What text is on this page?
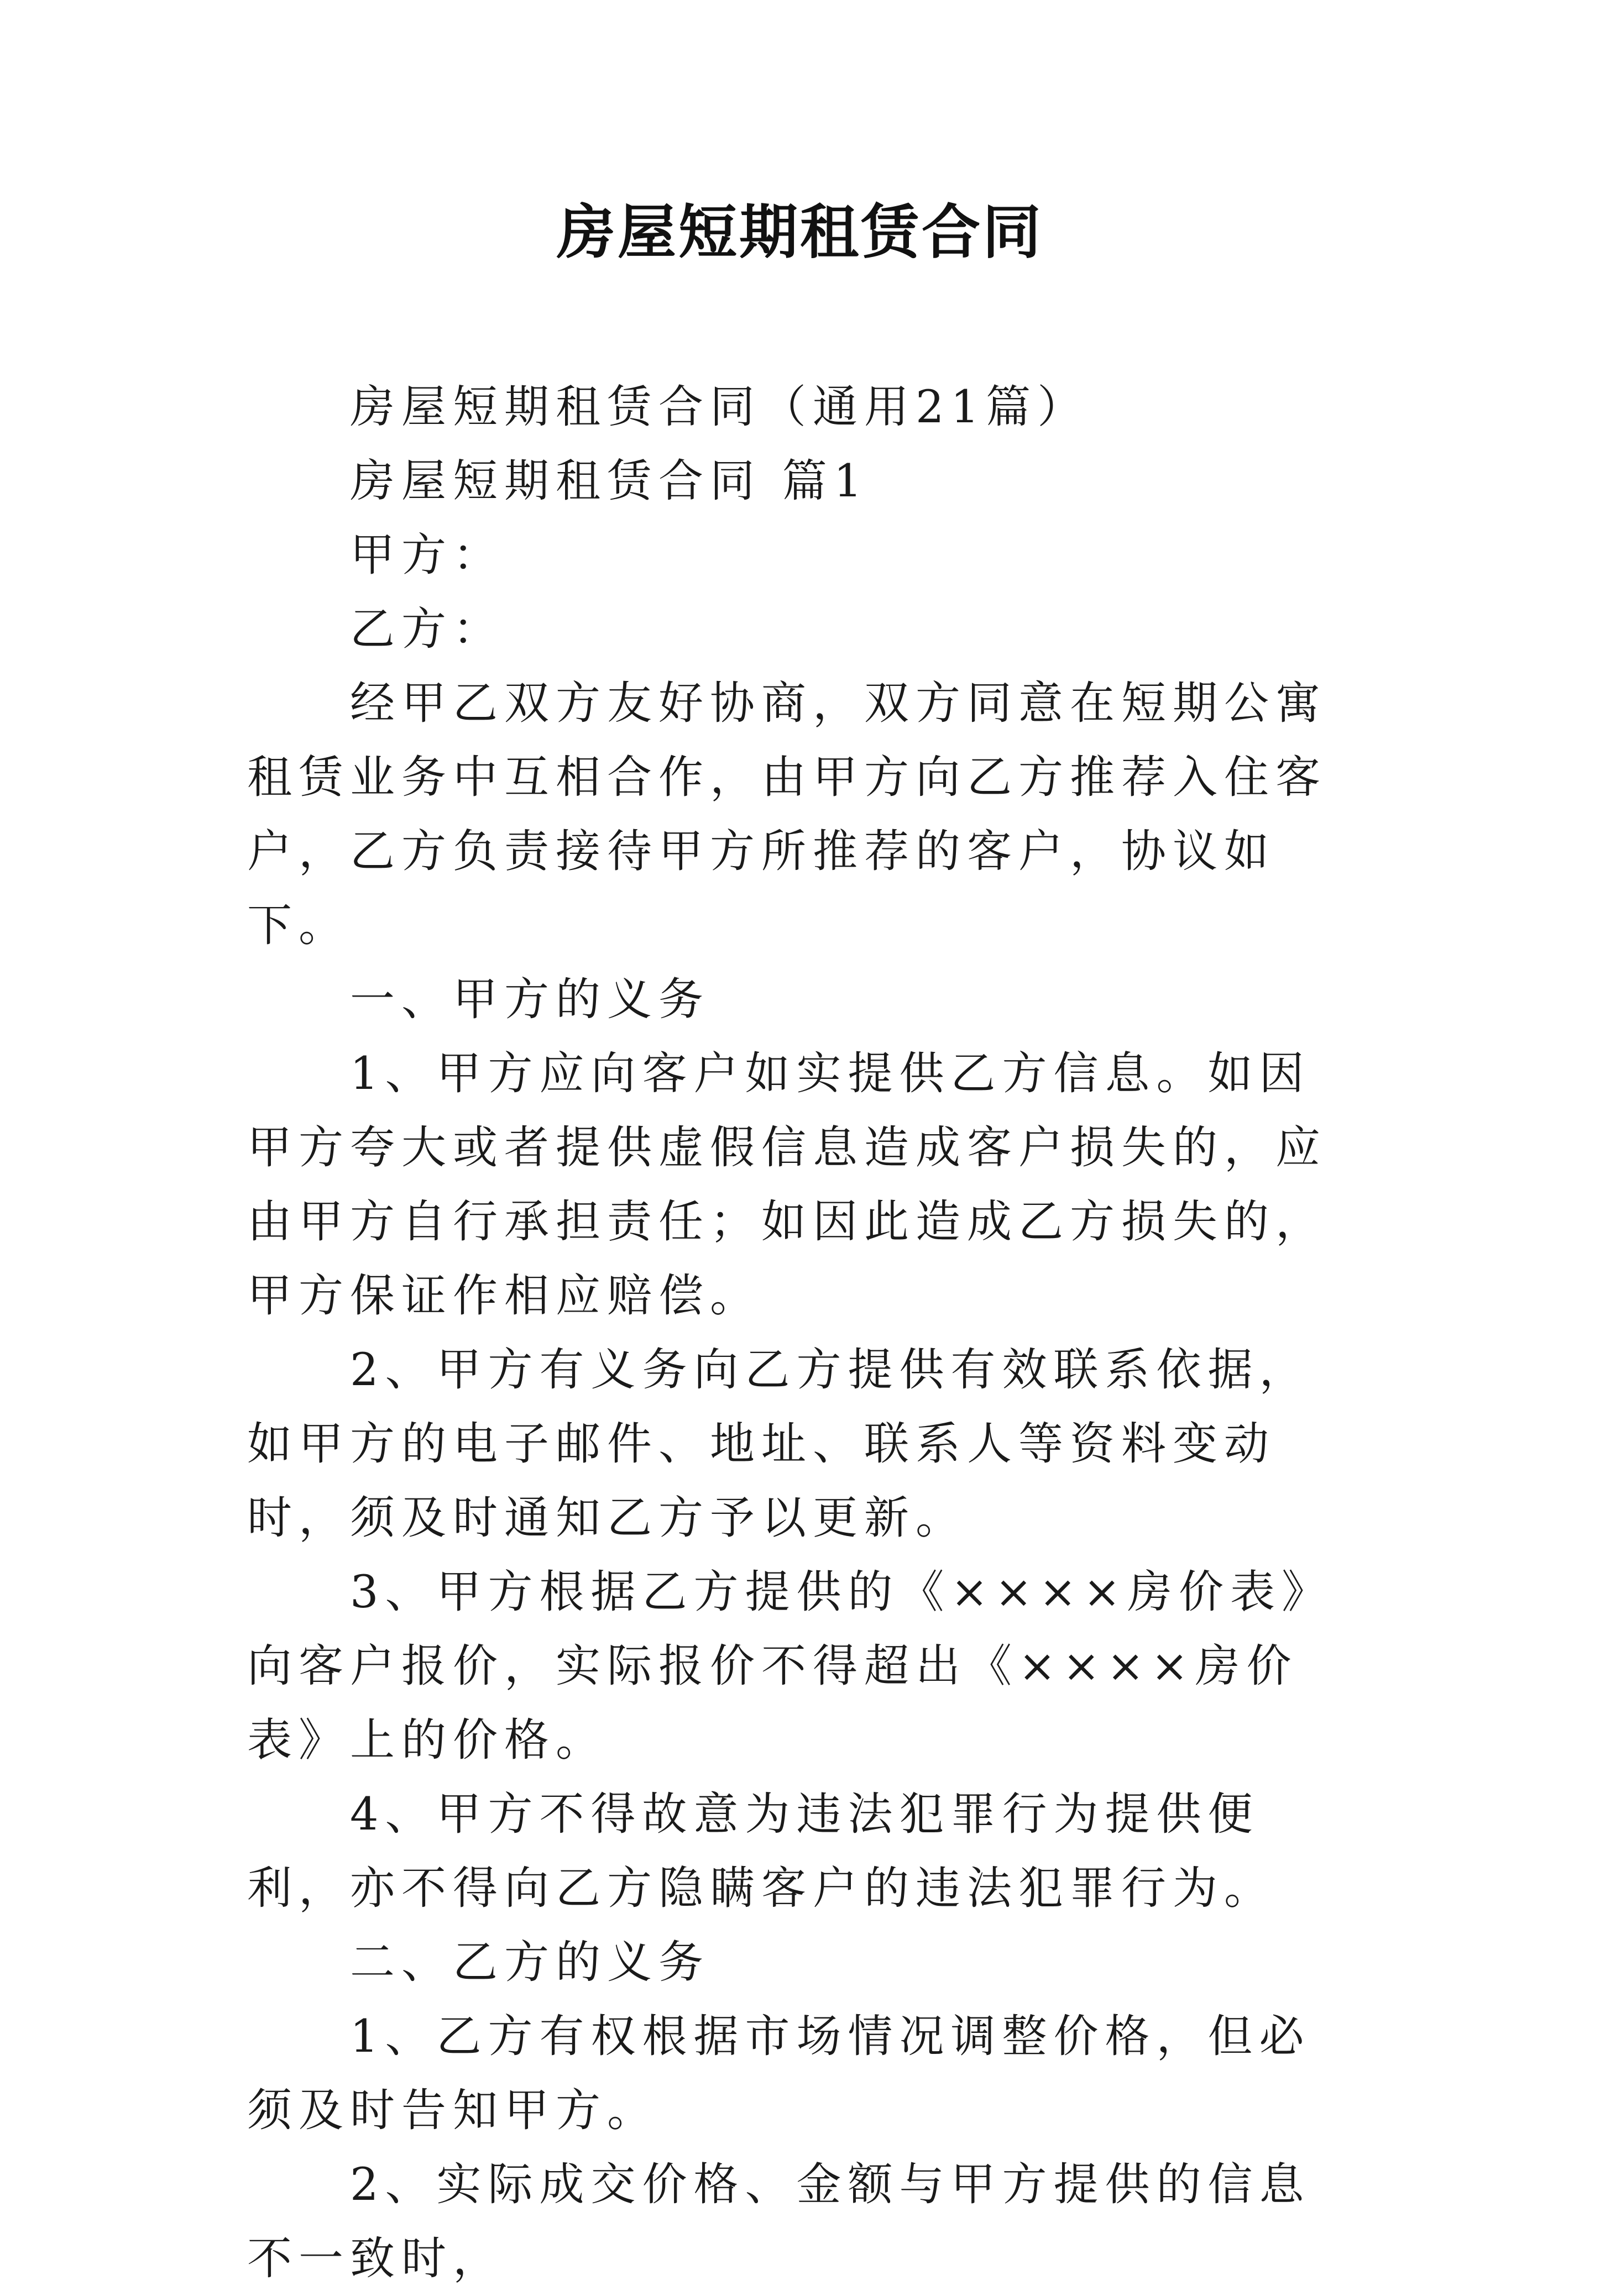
房屋短期租赁合同

房屋短期租赁合同（通用21篇）

房屋短期租赁合同 篇1

甲方：

乙方：

经甲乙双方友好协商，双方同意在短期公寓租赁业务中互相合作，由甲方向乙方推荐入住客户，乙方负责接待甲方所推荐的客户，协议如下。

一、甲方的义务

1、甲方应向客户如实提供乙方信息。如因甲方夸大或者提供虚假信息造成客户损失的，应由甲方自行承担责任；如因此造成乙方损失的，甲方保证作相应赔偿。

2、甲方有义务向乙方提供有效联系依据，如甲方的电子邮件、地址、联系人等资料变动时，须及时通知乙方予以更新。

3、甲方根据乙方提供的《××××房价表》向客户报价，实际报价不得超出《××××房价表》上的价格。

4、甲方不得故意为违法犯罪行为提供便利，亦不得向乙方隐瞒客户的违法犯罪行为。

二、乙方的义务

1、乙方有权根据市场情况调整价格，但必须及时告知甲方。

2、实际成交价格、金额与甲方提供的信息不一致时，
